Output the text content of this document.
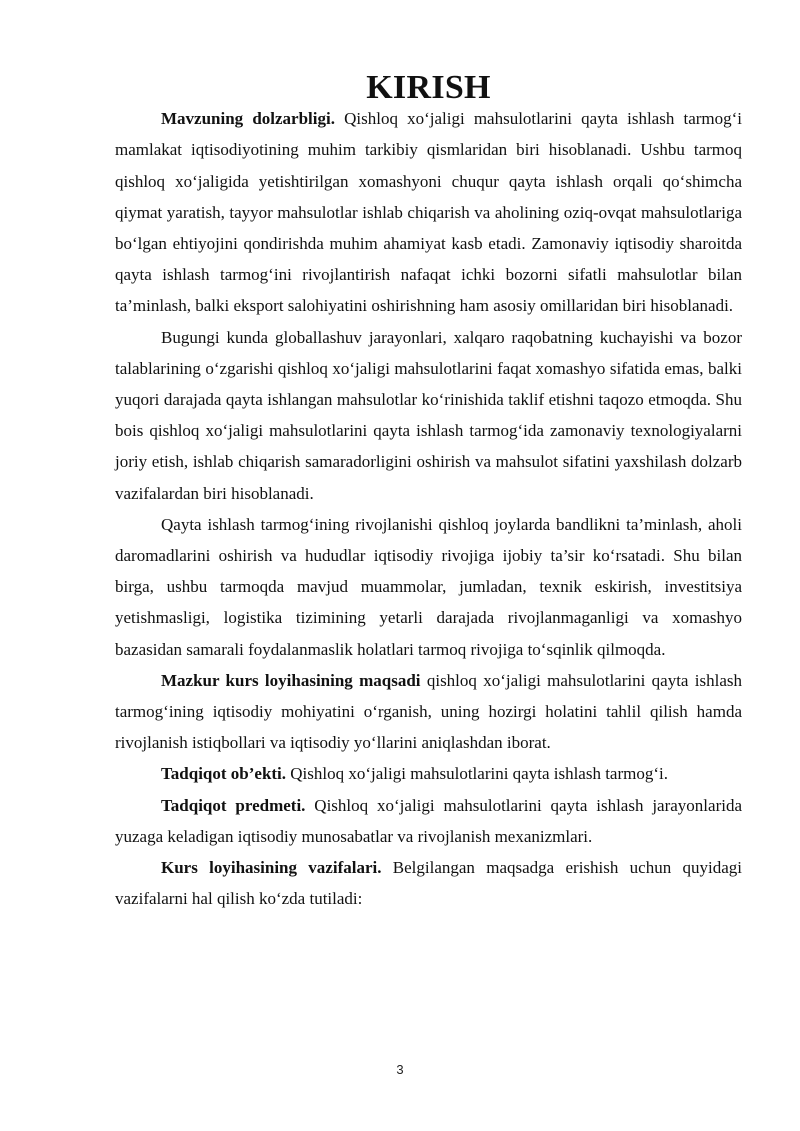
KIRISH

Mavzuning dolzarbligi. Qishloq xo‘jaligi mahsulotlarini qayta ishlash tarmog‘i mamlakat iqtisodiyotining muhim tarkibiy qismlaridan biri hisoblanadi. Ushbu tarmoq qishloq xo‘jaligida yetishtirilgan xomashyoni chuqur qayta ishlash orqali qo‘shimcha qiymat yaratish, tayyor mahsulotlar ishlab chiqarish va aholining oziq-ovqat mahsulotlariga bo‘lgan ehtiyojini qondirishda muhim ahamiyat kasb etadi. Zamonaviy iqtisodiy sharoitda qayta ishlash tarmog‘ini rivojlantirish nafaqat ichki bozorni sifatli mahsulotlar bilan ta’minlash, balki eksport salohiyatini oshirishning ham asosiy omillaridan biri hisoblanadi.

Bugungi kunda globallashuv jarayonlari, xalqaro raqobatning kuchayishi va bozor talablarining o‘zgarishi qishloq xo‘jaligi mahsulotlarini faqat xomashyo sifatida emas, balki yuqori darajada qayta ishlangan mahsulotlar ko‘rinishida taklif etishni taqozo etmoqda. Shu bois qishloq xo‘jaligi mahsulotlarini qayta ishlash tarmog‘ida zamonaviy texnologiyalarni joriy etish, ishlab chiqarish samaradorligini oshirish va mahsulot sifatini yaxshilash dolzarb vazifalardan biri hisoblanadi.

Qayta ishlash tarmog‘ining rivojlanishi qishloq joylarda bandlikni ta’minlash, aholi daromadlarini oshirish va hududlar iqtisodiy rivojiga ijobiy ta’sir ko‘rsatadi. Shu bilan birga, ushbu tarmoqda mavjud muammolar, jumladan, texnik eskirish, investitsiya yetishmasligi, logistika tizimining yetarli darajada rivojlanmaganligi va xomashyo bazasidan samarali foydalanmaslik holatlari tarmoq rivojiga to‘sqinlik qilmoqda.

Mazkur kurs loyihasining maqsadi qishloq xo‘jaligi mahsulotlarini qayta ishlash tarmog‘ining iqtisodiy mohiyatini o‘rganish, uning hozirgi holatini tahlil qilish hamda rivojlanish istiqbollari va iqtisodiy yo‘llarini aniqlashdan iborat.

Tadqiqot ob’ekti. Qishloq xo‘jaligi mahsulotlarini qayta ishlash tarmog‘i.

Tadqiqot predmeti. Qishloq xo‘jaligi mahsulotlarini qayta ishlash jarayonlarida yuzaga keladigan iqtisodiy munosabatlar va rivojlanish mexanizmlari.

Kurs loyihasining vazifalari. Belgilangan maqsadga erishish uchun quyidagi vazifalarni hal qilish ko‘zda tutiladi:

3
